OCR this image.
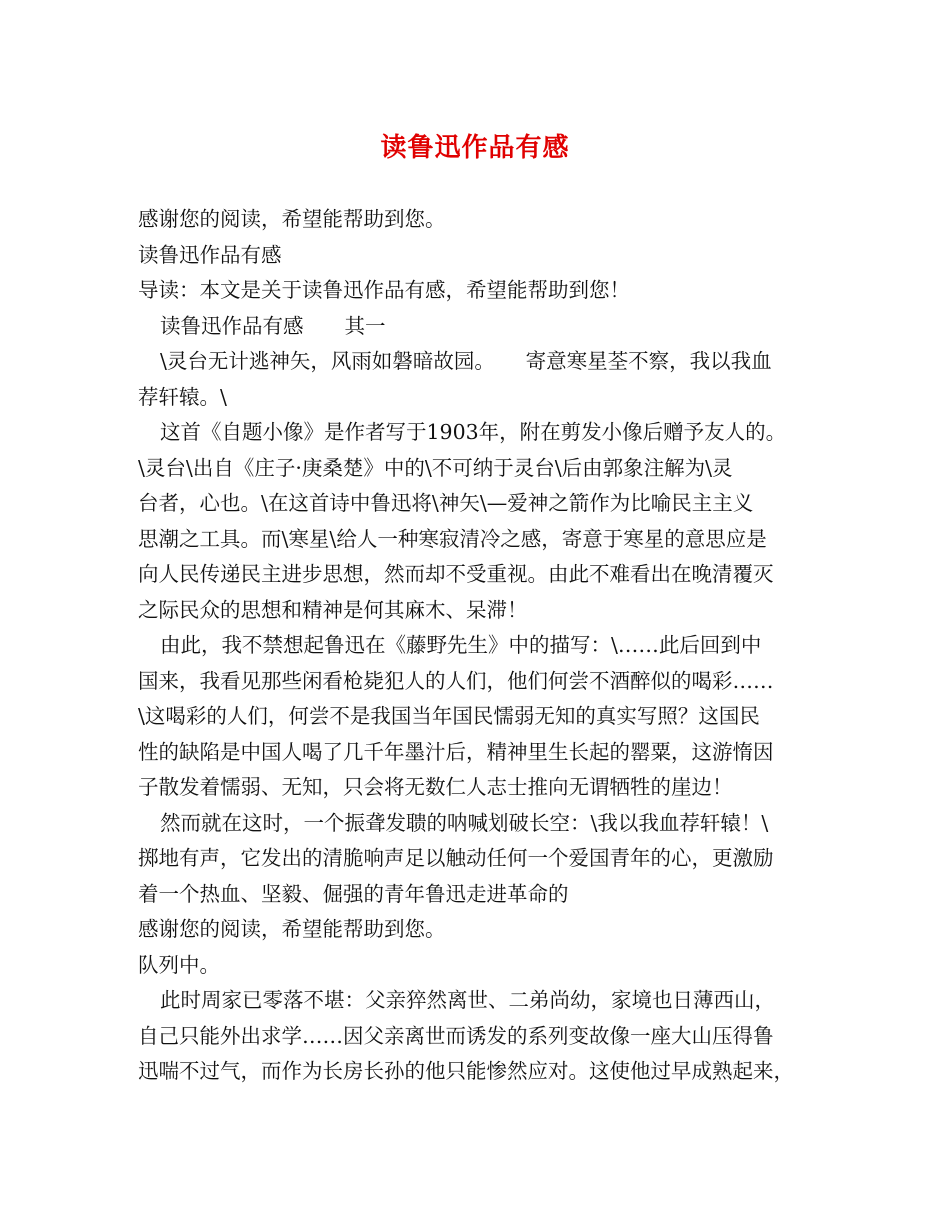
读鲁迅作品有感
感谢您的阅读，希望能帮助到您。
读鲁迅作品有感
导读：本文是关于读鲁迅作品有感，希望能帮助到您！
读鲁迅作品有感　　其一
\灵台无计逃神矢，风雨如磐暗故园。　　寄意寒星荃不察，我以我血
荐轩辕。\
这首《自题小像》是作者写于1903年，附在剪发小像后赠予友人的。
\灵台\出自《庄子·庚桑楚》中的\不可纳于灵台\后由郭象注解为\灵
台者，心也。\在这首诗中鲁迅将\神矢\—爱神之箭作为比喻民主主义
思潮之工具。而\寒星\给人一种寒寂清冷之感，寄意于寒星的意思应是
向人民传递民主进步思想，然而却不受重视。由此不难看出在晚清覆灭
之际民众的思想和精神是何其麻木、呆滞！
由此，我不禁想起鲁迅在《藤野先生》中的描写：\……此后回到中
国来，我看见那些闲看枪毙犯人的人们，他们何尝不酒醉似的喝彩……
\这喝彩的人们，何尝不是我国当年国民懦弱无知的真实写照？这国民
性的缺陷是中国人喝了几千年墨汁后，精神里生长起的罂粟，这游惰因
子散发着懦弱、无知，只会将无数仁人志士推向无谓牺牲的崖边！
然而就在这时，一个振聋发聩的呐喊划破长空：\我以我血荐轩辕！\
掷地有声，它发出的清脆响声足以触动任何一个爱国青年的心，更激励
着一个热血、坚毅、倔强的青年鲁迅走进革命的
感谢您的阅读，希望能帮助到您。
队列中。
此时周家已零落不堪：父亲猝然离世、二弟尚幼，家境也日薄西山，
自己只能外出求学……因父亲离世而诱发的系列变故像一座大山压得鲁
迅喘不过气，而作为长房长孙的他只能惨然应对。这使他过早成熟起来，
